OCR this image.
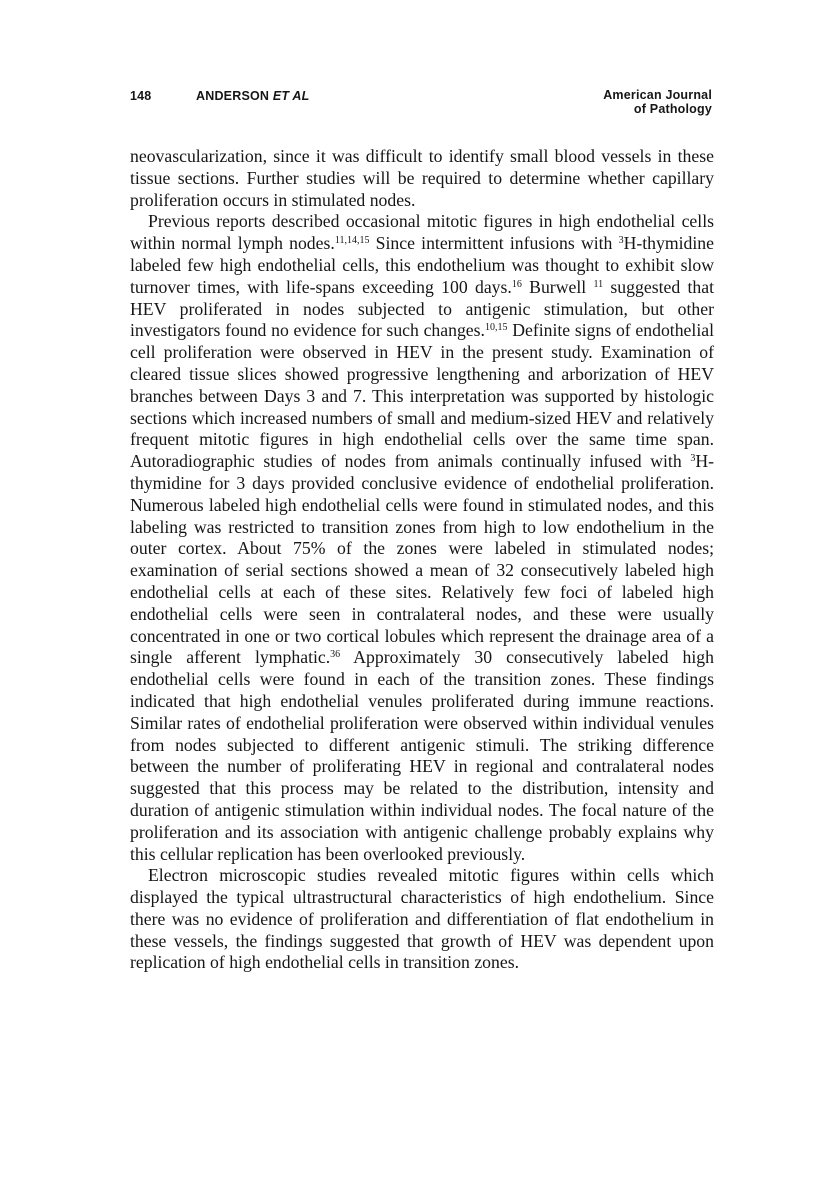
148	ANDERSON ET AL	American Journal
of Pathology

neovascularization, since it was difficult to identify small blood vessels in these tissue sections. Further studies will be required to determine whether capillary proliferation occurs in stimulated nodes.

Previous reports described occasional mitotic figures in high endothelial cells within normal lymph nodes.$^{11,14,15}$ Since intermittent infusions with $^3$H-thymidine labeled few high endothelial cells, this endothelium was thought to exhibit slow turnover times, with life-spans exceeding 100 days.$^{16}$ Burwell $^{11}$ suggested that HEV proliferated in nodes subjected to antigenic stimulation, but other investigators found no evidence for such changes.$^{10,15}$ Definite signs of endothelial cell proliferation were observed in HEV in the present study. Examination of cleared tissue slices showed progressive lengthening and arborization of HEV branches between Days 3 and 7. This interpretation was supported by histologic sections which increased numbers of small and medium-sized HEV and relatively frequent mitotic figures in high endothelial cells over the same time span. Autoradiographic studies of nodes from animals continually infused with $^3$H-thymidine for 3 days provided conclusive evidence of endothelial proliferation. Numerous labeled high endothelial cells were found in stimulated nodes, and this labeling was restricted to transition zones from high to low endothelium in the outer cortex. About 75% of the zones were labeled in stimulated nodes; examination of serial sections showed a mean of 32 consecutively labeled high endothelial cells at each of these sites. Relatively few foci of labeled high endothelial cells were seen in contralateral nodes, and these were usually concentrated in one or two cortical lobules which represent the drainage area of a single afferent lymphatic.$^{36}$ Approximately 30 consecutively labeled high endothelial cells were found in each of the transition zones. These findings indicated that high endothelial venules proliferated during immune reactions. Similar rates of endothelial proliferation were observed within individual venules from nodes subjected to different antigenic stimuli. The striking difference between the number of proliferating HEV in regional and contralateral nodes suggested that this process may be related to the distribution, intensity and duration of antigenic stimulation within individual nodes. The focal nature of the proliferation and its association with antigenic challenge probably explains why this cellular replication has been overlooked previously.

Electron microscopic studies revealed mitotic figures within cells which displayed the typical ultrastructural characteristics of high endothelium. Since there was no evidence of proliferation and differentiation of flat endothelium in these vessels, the findings suggested that growth of HEV was dependent upon replication of high endothelial cells in transition zones.
